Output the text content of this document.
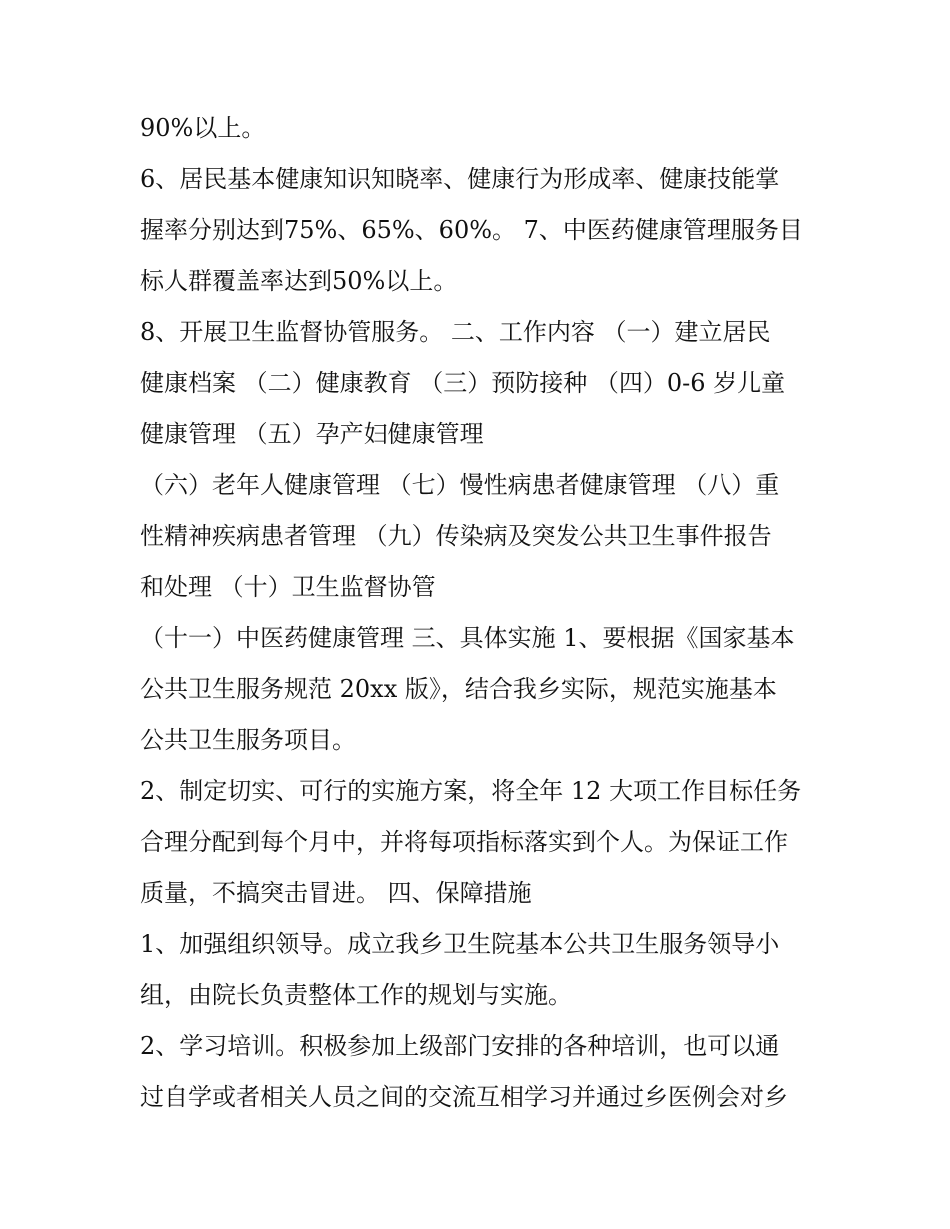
90%以上。
6、居民基本健康知识知晓率、健康行为形成率、健康技能掌
握率分别达到75%、65%、60%。 7、中医药健康管理服务目
标人群覆盖率达到50%以上。
8、开展卫生监督协管服务。 二、工作内容 （一）建立居民
健康档案 （二）健康教育 （三）预防接种 （四）0-6 岁儿童
健康管理 （五）孕产妇健康管理
（六）老年人健康管理 （七）慢性病患者健康管理 （八）重
性精神疾病患者管理 （九）传染病及突发公共卫生事件报告
和处理 （十）卫生监督协管
（十一）中医药健康管理 三、具体实施 1、要根据《国家基本
公共卫生服务规范 20xx 版》，结合我乡实际，规范实施基本
公共卫生服务项目。
2、制定切实、可行的实施方案，将全年 12 大项工作目标任务
合理分配到每个月中，并将每项指标落实到个人。为保证工作
质量，不搞突击冒进。 四、保障措施
1、加强组织领导。成立我乡卫生院基本公共卫生服务领导小
组，由院长负责整体工作的规划与实施。
2、学习培训。积极参加上级部门安排的各种培训，也可以通
过自学或者相关人员之间的交流互相学习并通过乡医例会对乡
